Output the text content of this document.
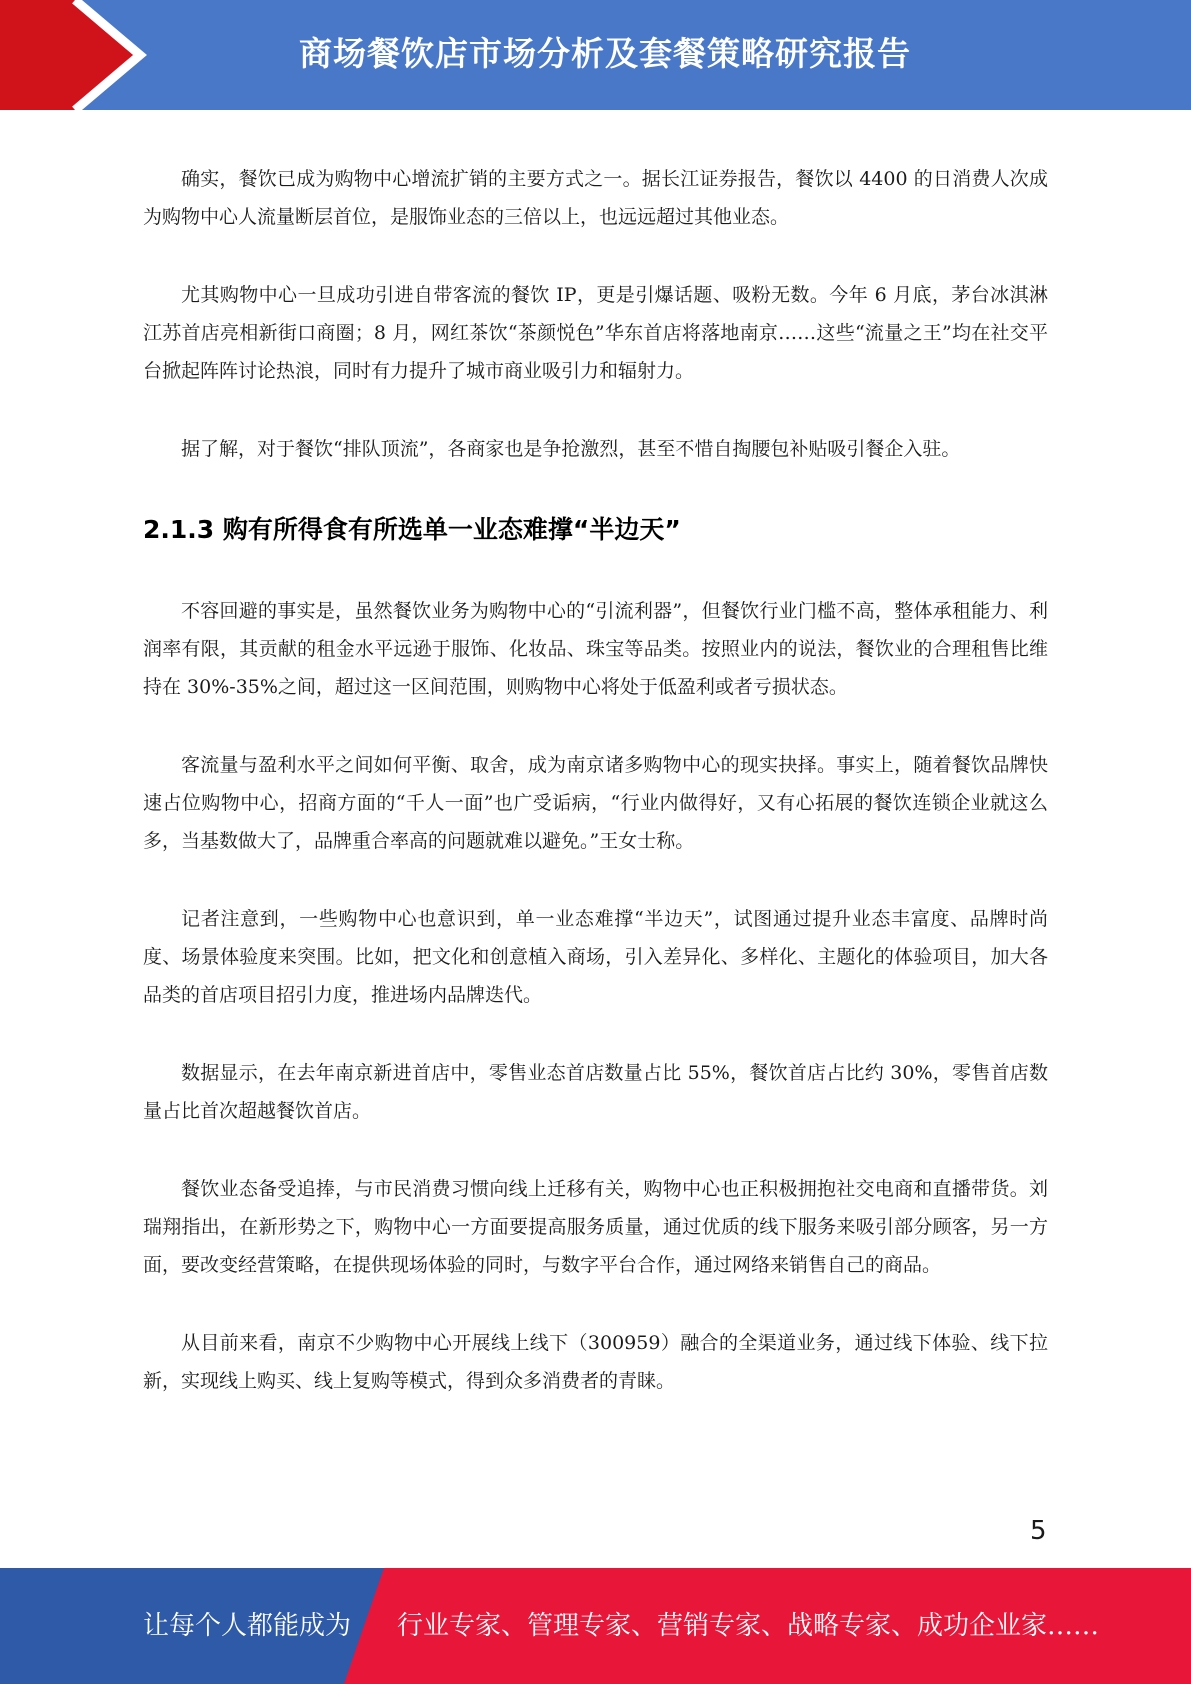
商场餐饮店市场分析及套餐策略研究报告

确实，餐饮已成为购物中心增流扩销的主要方式之一。据长江证券报告，餐饮以 4400 的日消费人次成为购物中心人流量断层首位，是服饰业态的三倍以上，也远远超过其他业态。

尤其购物中心一旦成功引进自带客流的餐饮 IP，更是引爆话题、吸粉无数。今年 6 月底，茅台冰淇淋江苏首店亮相新街口商圈；8 月，网红茶饮“茶颜悦色”华东首店将落地南京……这些“流量之王”均在社交平台掀起阵阵讨论热浪，同时有力提升了城市商业吸引力和辐射力。

据了解，对于餐饮“排队顶流”，各商家也是争抢激烈，甚至不惜自掏腰包补贴吸引餐企入驻。

2.1.3 购有所得食有所选单一业态难撑“半边天”

不容回避的事实是，虽然餐饮业务为购物中心的“引流利器”，但餐饮行业门槛不高，整体承租能力、利润率有限，其贡献的租金水平远逊于服饰、化妆品、珠宝等品类。按照业内的说法，餐饮业的合理租售比维持在 30%-35%之间，超过这一区间范围，则购物中心将处于低盈利或者亏损状态。

客流量与盈利水平之间如何平衡、取舍，成为南京诸多购物中心的现实抉择。事实上，随着餐饮品牌快速占位购物中心，招商方面的“千人一面”也广受诟病，“行业内做得好，又有心拓展的餐饮连锁企业就这么多，当基数做大了，品牌重合率高的问题就难以避免。”王女士称。

记者注意到，一些购物中心也意识到，单一业态难撑“半边天”，试图通过提升业态丰富度、品牌时尚度、场景体验度来突围。比如，把文化和创意植入商场，引入差异化、多样化、主题化的体验项目，加大各品类的首店项目招引力度，推进场内品牌迭代。

数据显示，在去年南京新进首店中，零售业态首店数量占比 55%，餐饮首店占比约 30%，零售首店数量占比首次超越餐饮首店。

餐饮业态备受追捧，与市民消费习惯向线上迁移有关，购物中心也正积极拥抱社交电商和直播带货。刘瑞翔指出，在新形势之下，购物中心一方面要提高服务质量，通过优质的线下服务来吸引部分顾客，另一方面，要改变经营策略，在提供现场体验的同时，与数字平台合作，通过网络来销售自己的商品。

从目前来看，南京不少购物中心开展线上线下（300959）融合的全渠道业务，通过线下体验、线下拉新，实现线上购买、线上复购等模式，得到众多消费者的青睐。

5
让每个人都能成为 行业专家、管理专家、营销专家、战略专家、成功企业家……
